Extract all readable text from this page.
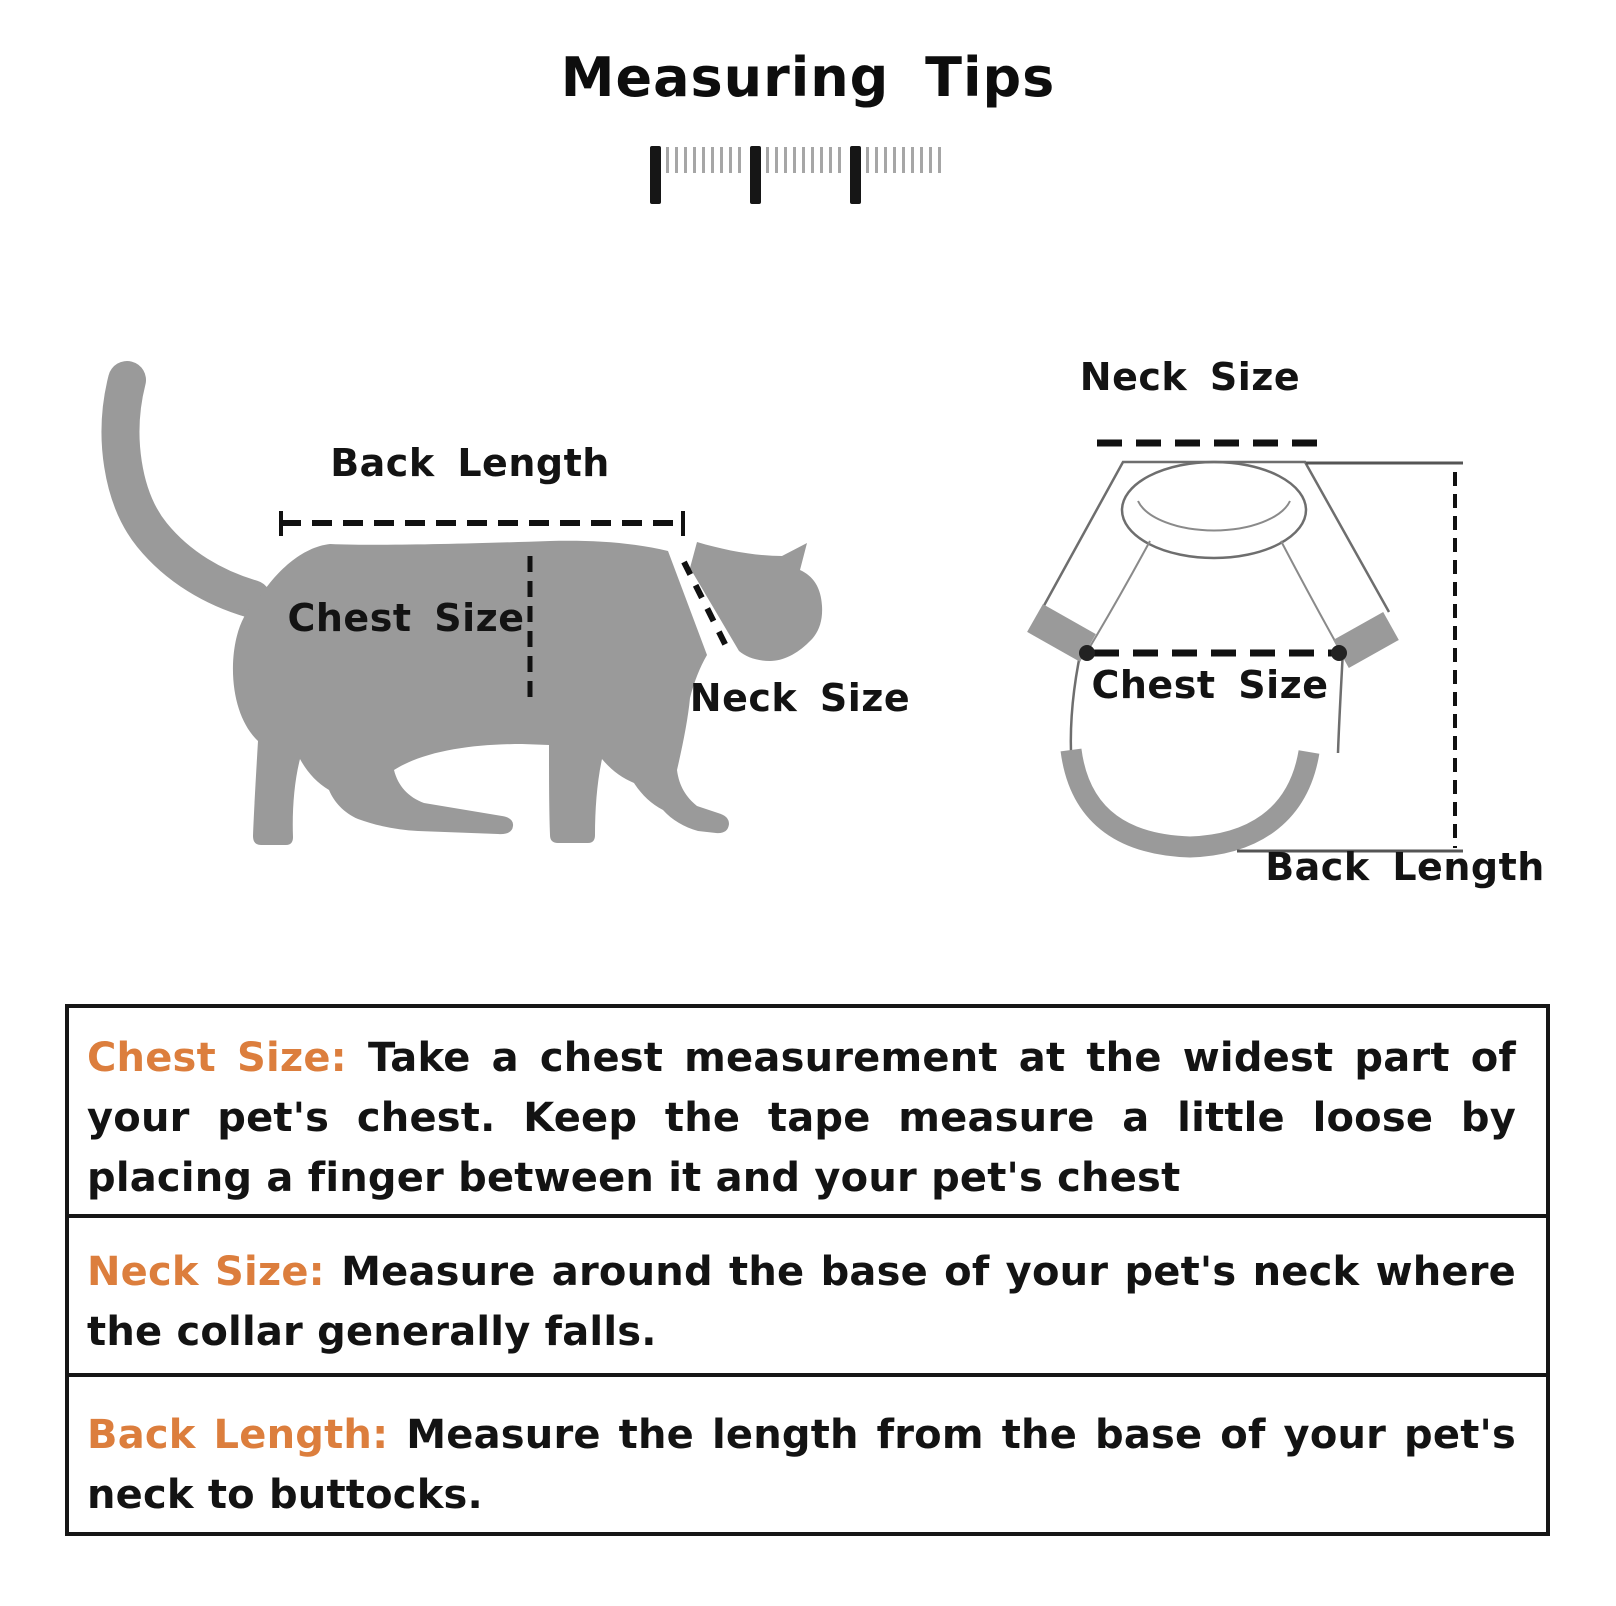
Measuring Tips
Back Length
Chest Size
Neck Size
Neck Size
Chest Size
Back Length

Chest Size: Take a chest measurement at the widest part of your pet's chest. Keep the tape measure a little loose by placing a finger between it and your pet's chest

Neck Size: Measure around the base of your pet's neck where the collar generally falls.

Back Length: Measure the length from the base of your pet's neck to buttocks.
